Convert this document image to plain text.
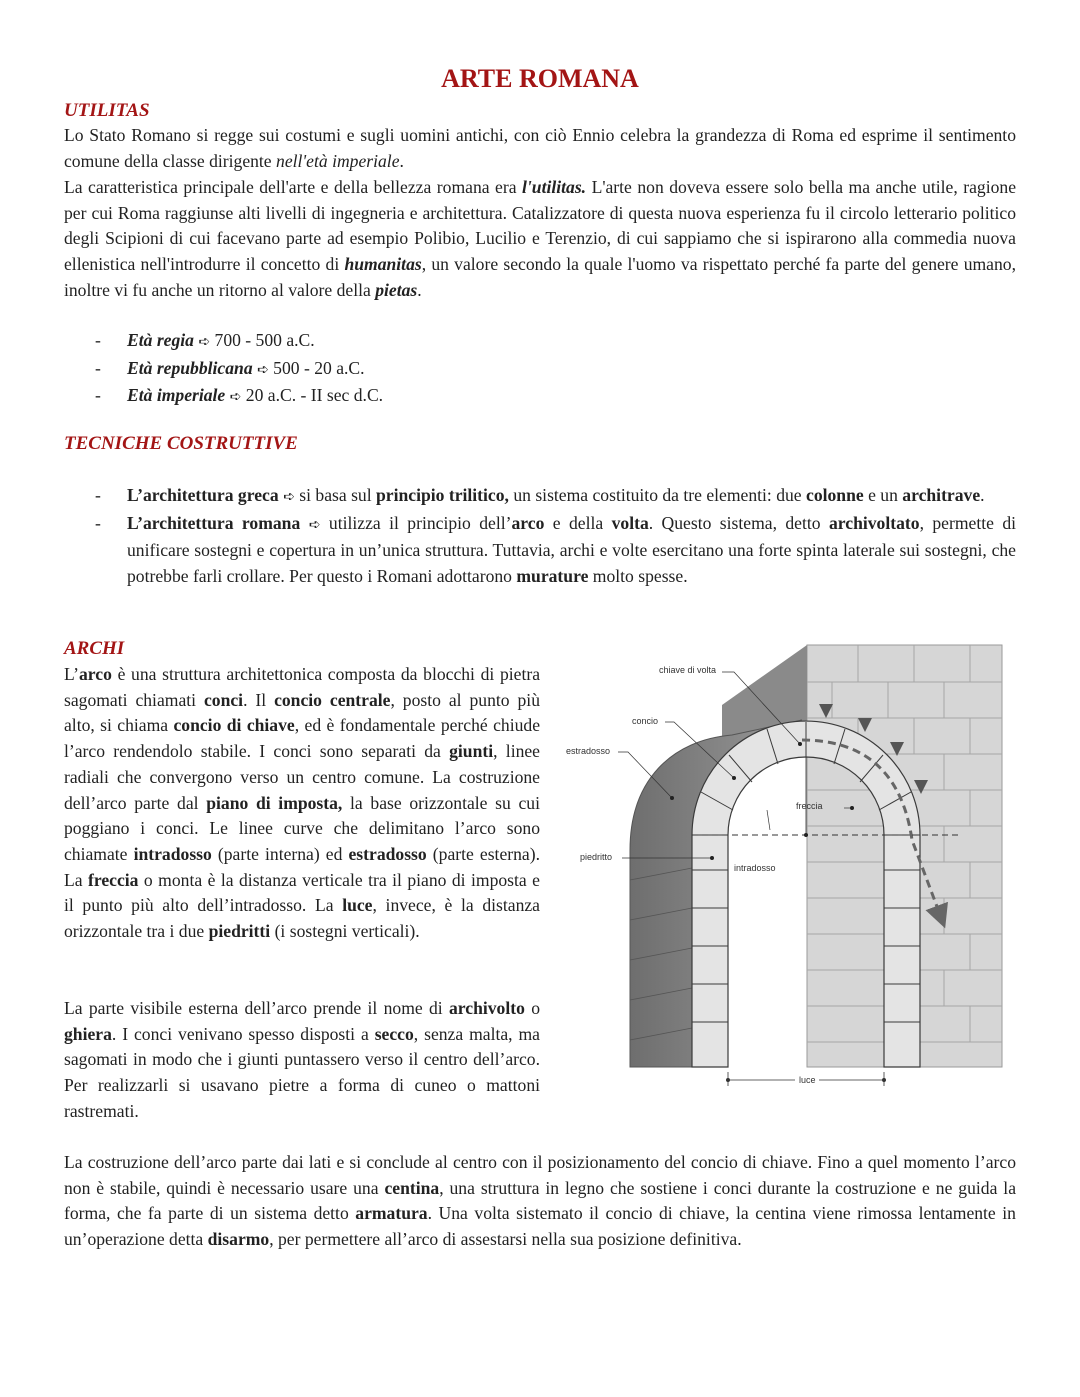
ARTE ROMANA
UTILITAS

Lo Stato Romano si regge sui costumi e sugli uomini antichi, con ciò Ennio celebra la grandezza di Roma ed esprime il sentimento comune della classe dirigente nell'età imperiale.

La caratteristica principale dell'arte e della bellezza romana era l'utilitas. L'arte non doveva essere solo bella ma anche utile, ragione per cui Roma raggiunse alti livelli di ingegneria e architettura. Catalizzatore di questa nuova esperienza fu il circolo letterario politico degli Scipioni di cui facevano parte ad esempio Polibio, Lucilio e Terenzio, di cui sappiamo che si ispirarono alla commedia nuova ellenistica nell'introdurre il concetto di humanitas, un valore secondo la quale l'uomo va rispettato perché fa parte del genere umano, inoltre vi fu anche un ritorno al valore della pietas.

- Età regia ➪ 700 - 500 a.C.
- Età repubblicana ➪ 500 - 20 a.C.
- Età imperiale ➪ 20 a.C. - II sec d.C.
TECNICHE COSTRUTTIVE
- L’architettura greca ➪ si basa sul principio trilitico, un sistema costituito da tre elementi: due colonne e un architrave.
- L’architettura romana ➪ utilizza il principio dell’arco e della volta. Questo sistema, detto archivoltato, permette di unificare sostegni e copertura in un’unica struttura. Tuttavia, archi e volte esercitano una forte spinta laterale sui sostegni, che potrebbe farli crollare. Per questo i Romani adottarono murature molto spesse.
ARCHI

L’arco è una struttura architettonica composta da blocchi di pietra sagomati chiamati conci. Il concio centrale, posto al punto più alto, si chiama concio di chiave, ed è fondamentale perché chiude l’arco rendendolo stabile. I conci sono separati da giunti, linee radiali che convergono verso un centro comune. La costruzione dell’arco parte dal piano di imposta, la base orizzontale su cui poggiano i conci. Le linee curve che delimitano l’arco sono chiamate intradosso (parte interna) ed estradosso (parte esterna). La freccia o monta è la distanza verticale tra il piano di imposta e il punto più alto dell’intradosso. La luce, invece, è la distanza orizzontale tra i due piedritti (i sostegni verticali).

La parte visibile esterna dell’arco prende il nome di archivolto o ghiera. I conci venivano spesso disposti a secco, senza malta, ma sagomati in modo che i giunti puntassero verso il centro dell’arco. Per realizzarli si usavano pietre a forma di cuneo o mattoni rastremati.

La costruzione dell’arco parte dai lati e si conclude al centro con il posizionamento del concio di chiave. Fino a quel momento l’arco non è stabile, quindi è necessario usare una centina, una struttura in legno che sostiene i conci durante la costruzione e ne guida la forma, che fa parte di un sistema detto armatura. Una volta sistemato il concio di chiave, la centina viene rimossa lentamente in un’operazione detta disarmo, per permettere all’arco di assestarsi nella sua posizione definitiva.

luce
chiave di volta
concio
estradosso
freccia
piedritto
intradosso
